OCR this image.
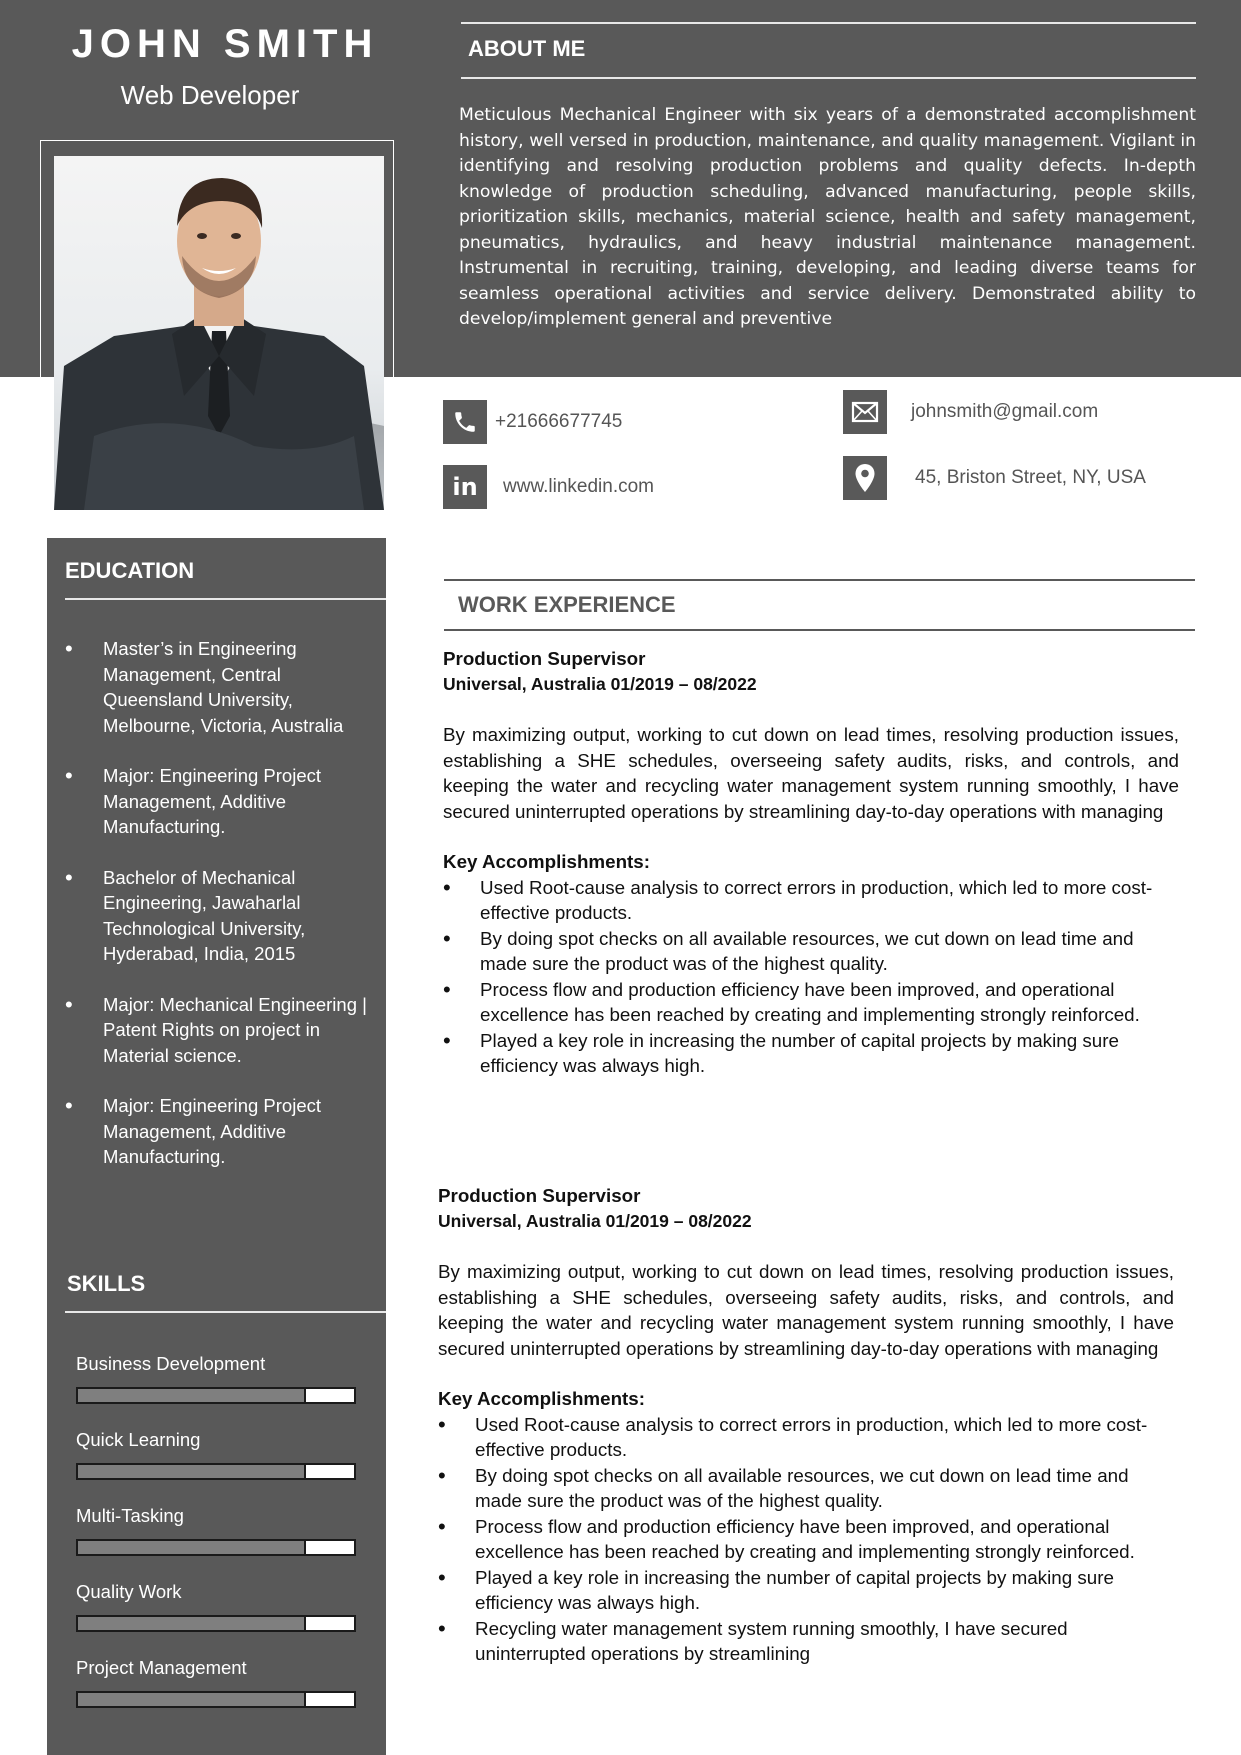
JOHN SMITH
Web Developer
ABOUT ME
Meticulous Mechanical Engineer with six years of a demonstrated accomplishment history, well versed in production, maintenance, and quality management. Vigilant in identifying and resolving production problems and quality defects. In-depth knowledge of production scheduling, advanced manufacturing, people skills, prioritization skills, mechanics, material science, health and safety management, pneumatics, hydraulics, and heavy industrial maintenance management. Instrumental in recruiting, training, developing, and leading diverse teams for seamless operational activities and service delivery. Demonstrated ability to develop/implement general and preventive
+21666677745	johnsmith@gmail.com
in www.linkedin.com	45, Briston Street, NY, USA
EDUCATION
• Master’s in Engineering Management, Central Queensland University, Melbourne, Victoria, Australia
• Major: Engineering Project Management, Additive Manufacturing.
• Bachelor of Mechanical Engineering, Jawaharlal Technological University, Hyderabad, India, 2015
• Major: Mechanical Engineering | Patent Rights on project in Material science.
• Major: Engineering Project Management, Additive Manufacturing.
SKILLS
Business Development
Quick Learning
Multi-Tasking
Quality Work
Project Management
WORK EXPERIENCE
Production Supervisor
Universal, Australia 01/2019 – 08/2022
By maximizing output, working to cut down on lead times, resolving production issues, establishing a SHE schedules, overseeing safety audits, risks, and controls, and keeping the water and recycling water management system running smoothly, I have secured uninterrupted operations by streamlining day-to-day operations with managing
Key Accomplishments:
• Used Root-cause analysis to correct errors in production, which led to more cost-effective products.
• By doing spot checks on all available resources, we cut down on lead time and made sure the product was of the highest quality.
• Process flow and production efficiency have been improved, and operational excellence has been reached by creating and implementing strongly reinforced.
• Played a key role in increasing the number of capital projects by making sure efficiency was always high.
Production Supervisor
Universal, Australia 01/2019 – 08/2022
By maximizing output, working to cut down on lead times, resolving production issues, establishing a SHE schedules, overseeing safety audits, risks, and controls, and keeping the water and recycling water management system running smoothly, I have secured uninterrupted operations by streamlining day-to-day operations with managing
Key Accomplishments:
• Used Root-cause analysis to correct errors in production, which led to more cost-effective products.
• By doing spot checks on all available resources, we cut down on lead time and made sure the product was of the highest quality.
• Process flow and production efficiency have been improved, and operational excellence has been reached by creating and implementing strongly reinforced.
• Played a key role in increasing the number of capital projects by making sure efficiency was always high.
• Recycling water management system running smoothly, I have secured uninterrupted operations by streamlining
